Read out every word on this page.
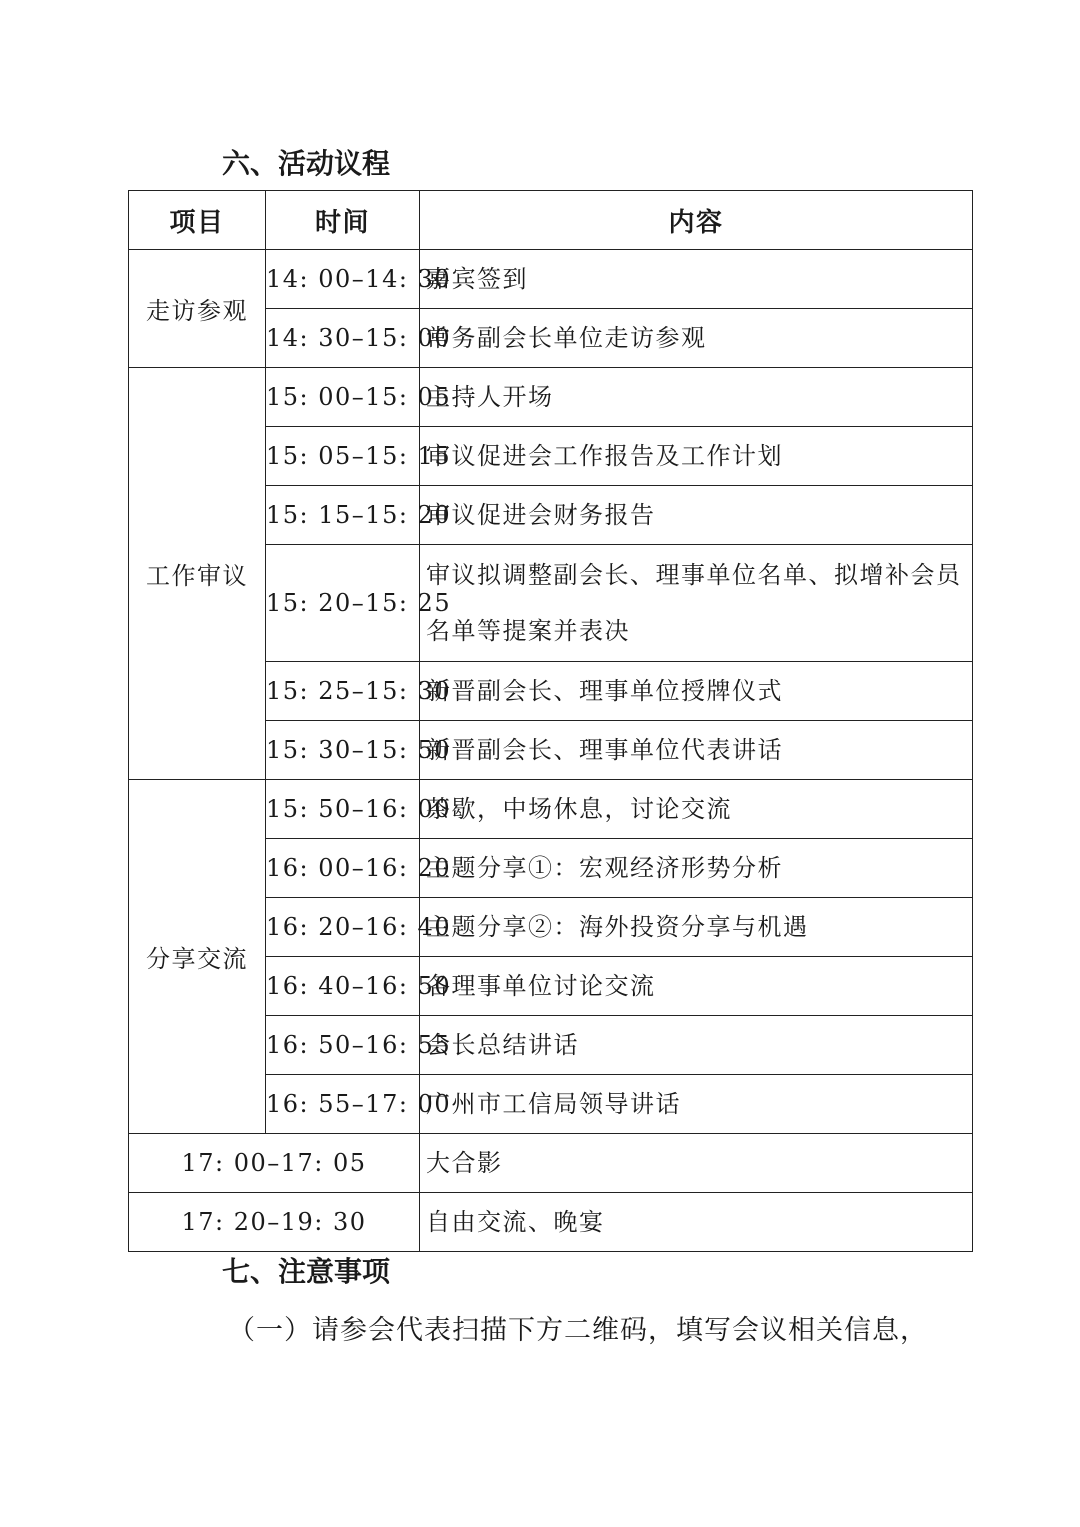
六、活动议程
项目	时间	内容
走访参观	14: 00–14: 30	嘉宾签到
	14: 30–15: 00	常务副会长单位走访参观
工作审议	15: 00–15: 05	主持人开场
	15: 05–15: 15	审议促进会工作报告及工作计划
	15: 15–15: 20	审议促进会财务报告
	15: 20–15: 25	审议拟调整副会长、理事单位名单、拟增补会员名单等提案并表决
	15: 25–15: 30	新晋副会长、理事单位授牌仪式
	15: 30–15: 50	新晋副会长、理事单位代表讲话
分享交流	15: 50–16: 00	茶歇，中场休息，讨论交流
	16: 00–16: 20	主题分享①：宏观经济形势分析
	16: 20–16: 40	主题分享②：海外投资分享与机遇
	16: 40–16: 50	各理事单位讨论交流
	16: 50–16: 55	会长总结讲话
	16: 55–17: 00	广州市工信局领导讲话
17: 00–17: 05		大合影
17: 20–19: 30		自由交流、晚宴
七、注意事项
（一）请参会代表扫描下方二维码，填写会议相关信息，
